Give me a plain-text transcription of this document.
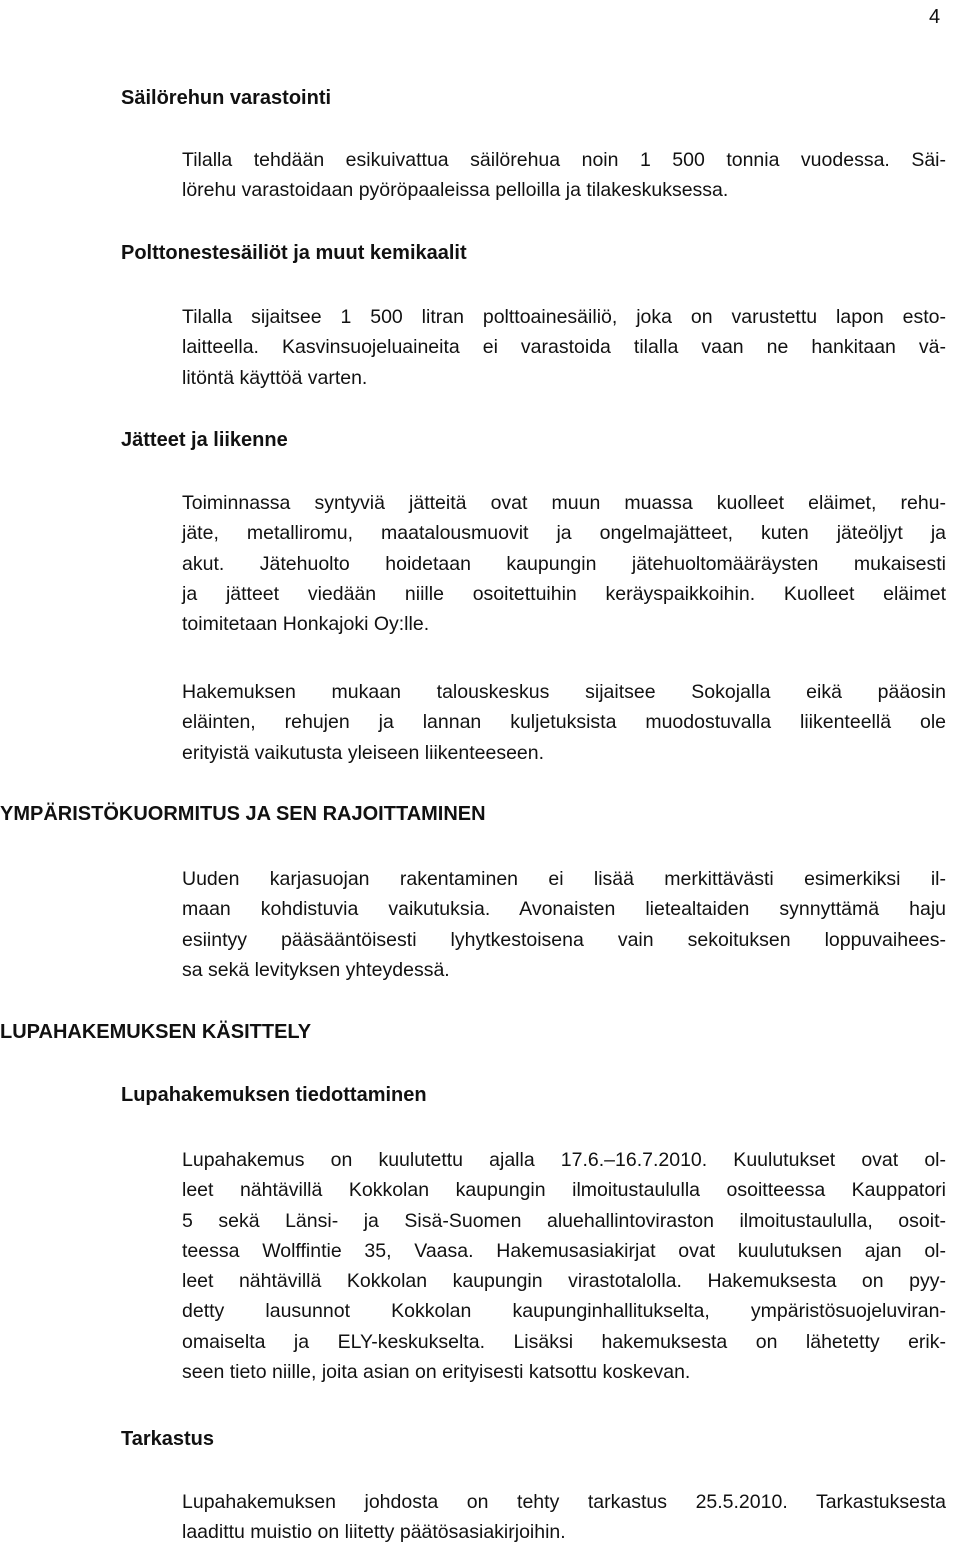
4
Säilörehun varastointi

Tilalla tehdään esikuivattua säilörehua noin 1 500 tonnia vuodessa. Säi-
lörehu varastoidaan pyöröpaaleissa pelloilla ja tilakeskuksessa.

Polttonestesäiliöt ja muut kemikaalit

Tilalla sijaitsee 1 500 litran polttoainesäiliö, joka on varustettu lapon esto-
laitteella. Kasvinsuojeluaineita ei varastoida tilalla vaan ne hankitaan vä-
litöntä käyttöä varten.

Jätteet ja liikenne

Toiminnassa syntyviä jätteitä ovat muun muassa kuolleet eläimet, rehu-
jäte, metalliromu, maatalousmuovit ja ongelmajätteet, kuten jäteöljyt ja
akut. Jätehuolto hoidetaan kaupungin jätehuoltomääräysten mukaisesti
ja jätteet viedään niille osoitettuihin keräyspaikkoihin. Kuolleet eläimet
toimitetaan Honkajoki Oy:lle.

Hakemuksen mukaan talouskeskus sijaitsee Sokojalla eikä pääosin
eläinten, rehujen ja lannan kuljetuksista muodostuvalla liikenteellä ole
erityistä vaikutusta yleiseen liikenteeseen.

YMPÄRISTÖKUORMITUS JA SEN RAJOITTAMINEN

Uuden karjasuojan rakentaminen ei lisää merkittävästi esimerkiksi il-
maan kohdistuvia vaikutuksia. Avonaisten lietealtaiden synnyttämä haju
esiintyy pääsääntöisesti lyhytkestoisena vain sekoituksen loppuvaihees-
sa sekä levityksen yhteydessä.

LUPAHAKEMUKSEN KÄSITTELY
Lupahakemuksen tiedottaminen

Lupahakemus on kuulutettu ajalla 17.6.–16.7.2010. Kuulutukset ovat ol-
leet nähtävillä Kokkolan kaupungin ilmoitustaululla osoitteessa Kauppatori
5 sekä Länsi- ja Sisä-Suomen aluehallintoviraston ilmoitustaululla, osoit-
teessa Wolffintie 35, Vaasa. Hakemusasiakirjat ovat kuulutuksen ajan ol-
leet nähtävillä Kokkolan kaupungin virastotalolla. Hakemuksesta on pyy-
detty lausunnot Kokkolan kaupunginhallitukselta, ympäristösuojeluviran-
omaiselta ja ELY-keskukselta. Lisäksi hakemuksesta on lähetetty erik-
seen tieto niille, joita asian on erityisesti katsottu koskevan.

Tarkastus

Lupahakemuksen johdosta on tehty tarkastus 25.5.2010. Tarkastuksesta
laadittu muistio on liitetty päätösasiakirjoihin.
